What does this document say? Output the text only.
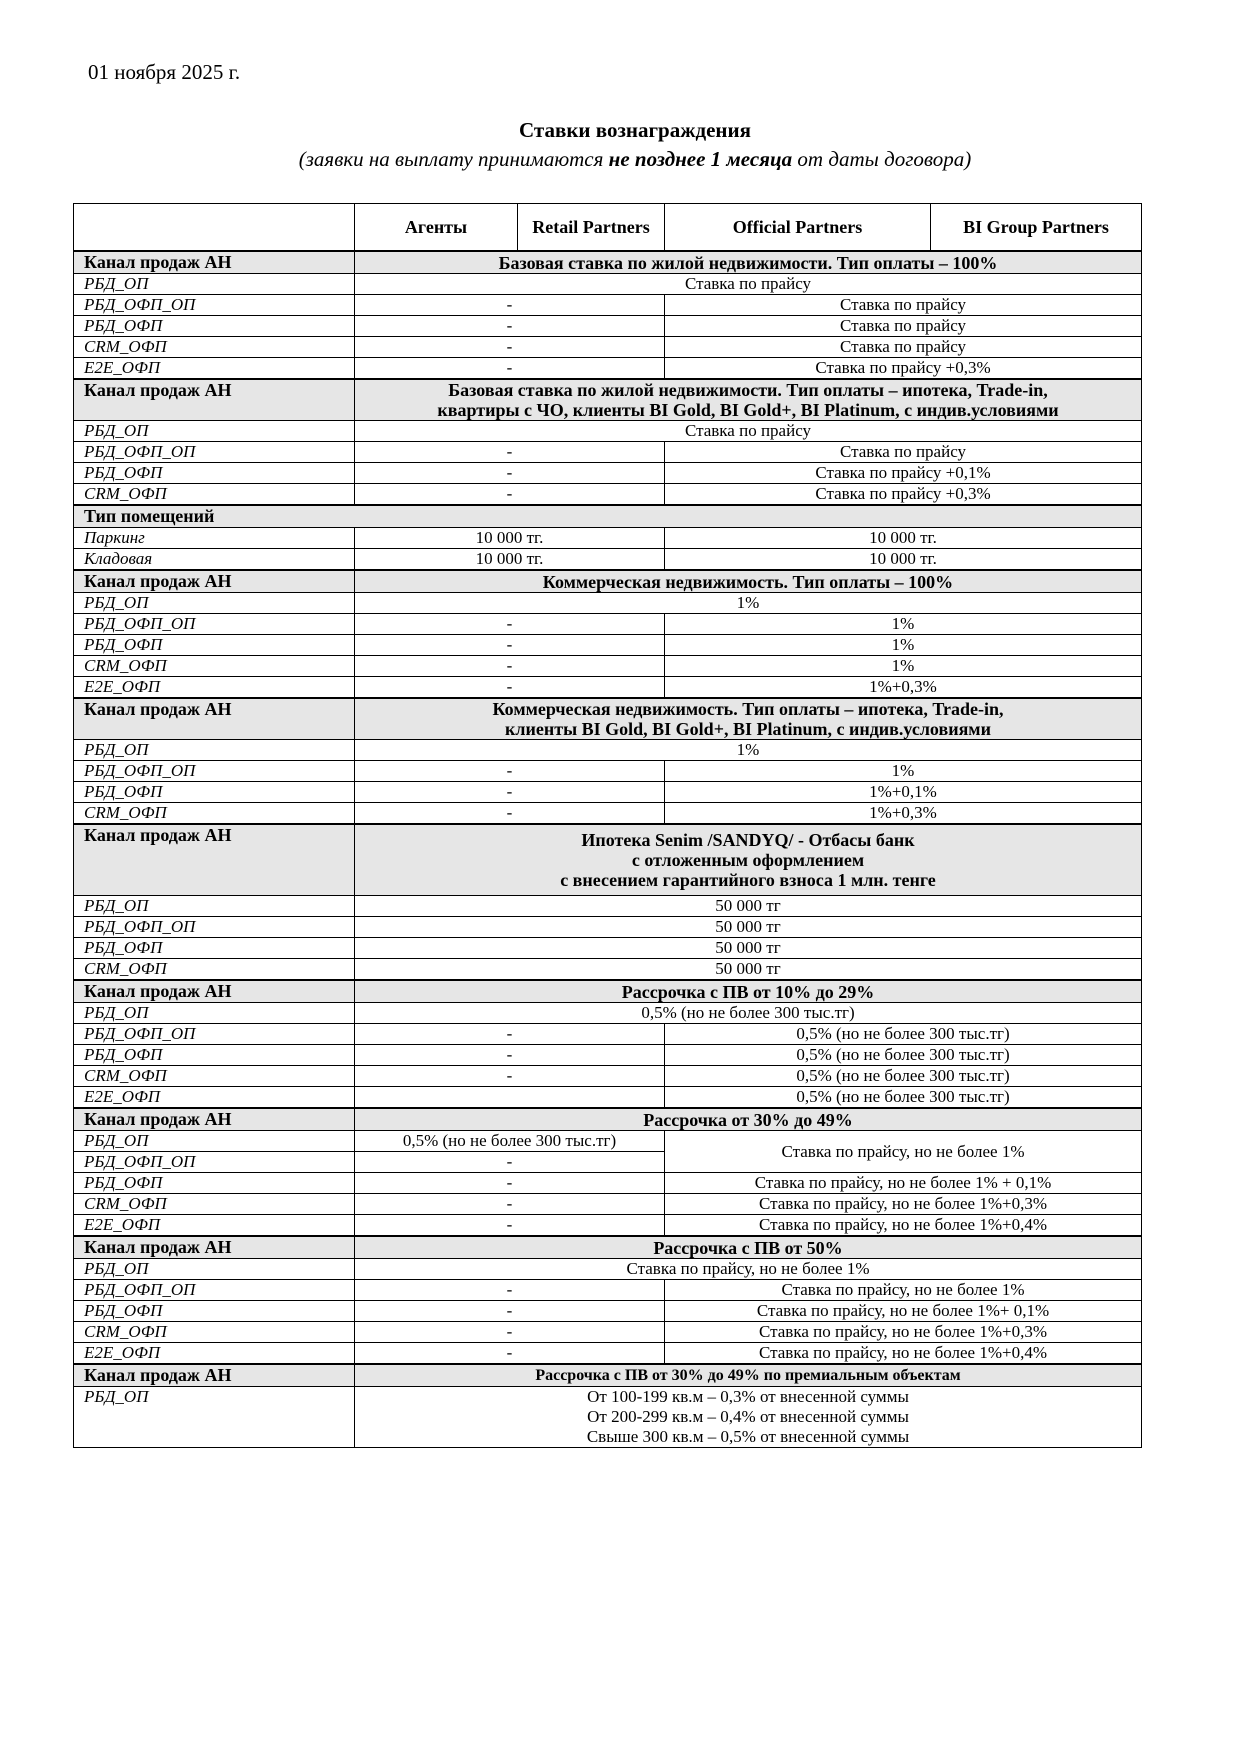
01 ноября 2025 г.
Ставки вознаграждения
(заявки на выплату принимаются не позднее 1 месяца от даты договора)
	Агенты	Retail Partners	Official Partners	BI Group Partners
Канал продаж АН	Базовая ставка по жилой недвижимости. Тип оплаты – 100%			
РБД_ОП	Ставка по прайсу			
РБД_ОФП_ОП	-		Ставка по прайсу	
РБД_ОФП	-		Ставка по прайсу	
CRM_ОФП	-		Ставка по прайсу	
E2E_ОФП	-		Ставка по прайсу +0,3%	
Канал продаж АН	Базовая ставка по жилой недвижимости. Тип оплаты – ипотека, Trade-in,
квартиры с ЧО, клиенты BI Gold, BI Gold+, BI Platinum, с индив.условиями			

РБД_ОП	Ставка по прайсу			
РБД_ОФП_ОП	-		Ставка по прайсу	
РБД_ОФП	-		Ставка по прайсу +0,1%	
CRM_ОФП	-		Ставка по прайсу +0,3%	
Тип помещений				
Паркинг	10 000 тг.		10 000 тг.	
Кладовая	10 000 тг.		10 000 тг.	
Канал продаж АН	Коммерческая недвижимость. Тип оплаты – 100%			
РБД_ОП	1%			
РБД_ОФП_ОП	-		1%	
РБД_ОФП	-		1%	
CRM_ОФП	-		1%	
E2E_ОФП	-		1%+0,3%	
Канал продаж АН	Коммерческая недвижимость. Тип оплаты – ипотека, Trade-in,
клиенты BI Gold, BI Gold+, BI Platinum, с индив.условиями			

РБД_ОП	1%			
РБД_ОФП_ОП	-		1%	
РБД_ОФП	-		1%+0,1%	
CRM_ОФП	-		1%+0,3%	
Канал продаж АН	Ипотека Senim /SANDYQ/ - Отбасы банк
с отложенным оформлением
с внесением гарантийного взноса 1 млн. тенге			

РБД_ОП	50 000 тг			
РБД_ОФП_ОП	50 000 тг			
РБД_ОФП	50 000 тг			
CRM_ОФП	50 000 тг			
Канал продаж АН	Рассрочка с ПВ от 10% до 29%			
РБД_ОП	0,5% (но не более 300 тыс.тг)			
РБД_ОФП_ОП	-		0,5% (но не более 300 тыс.тг)	
РБД_ОФП	-		0,5% (но не более 300 тыс.тг)	
CRM_ОФП	-		0,5% (но не более 300 тыс.тг)	
E2E_ОФП			0,5% (но не более 300 тыс.тг)	
Канал продаж АН	Рассрочка от 30% до 49%			
РБД_ОП	0,5% (но не более 300 тыс.тг)		Ставка по прайсу, но не более 1%	
РБД_ОФП_ОП	-			
РБД_ОФП	-		Ставка по прайсу, но не более 1% + 0,1%	
CRM_ОФП	-		Ставка по прайсу, но не более 1%+0,3%	
E2E_ОФП	-		Ставка по прайсу, но не более 1%+0,4%	
Канал продаж АН	Рассрочка с ПВ от 50%			
РБД_ОП	Ставка по прайсу, но не более 1%			
РБД_ОФП_ОП	-		Ставка по прайсу, но не более 1%	
РБД_ОФП	-		Ставка по прайсу, но не более 1%+ 0,1%	
CRM_ОФП	-		Ставка по прайсу, но не более 1%+0,3%	
E2E_ОФП	-		Ставка по прайсу, но не более 1%+0,4%	
Канал продаж АН	Рассрочка с ПВ от 30% до 49% по премиальным объектам			
РБД_ОП	От 100-199 кв.м – 0,3% от внесенной суммы
От 200-299 кв.м – 0,4% от внесенной суммы
Свыше 300 кв.м – 0,5% от внесенной суммы			
